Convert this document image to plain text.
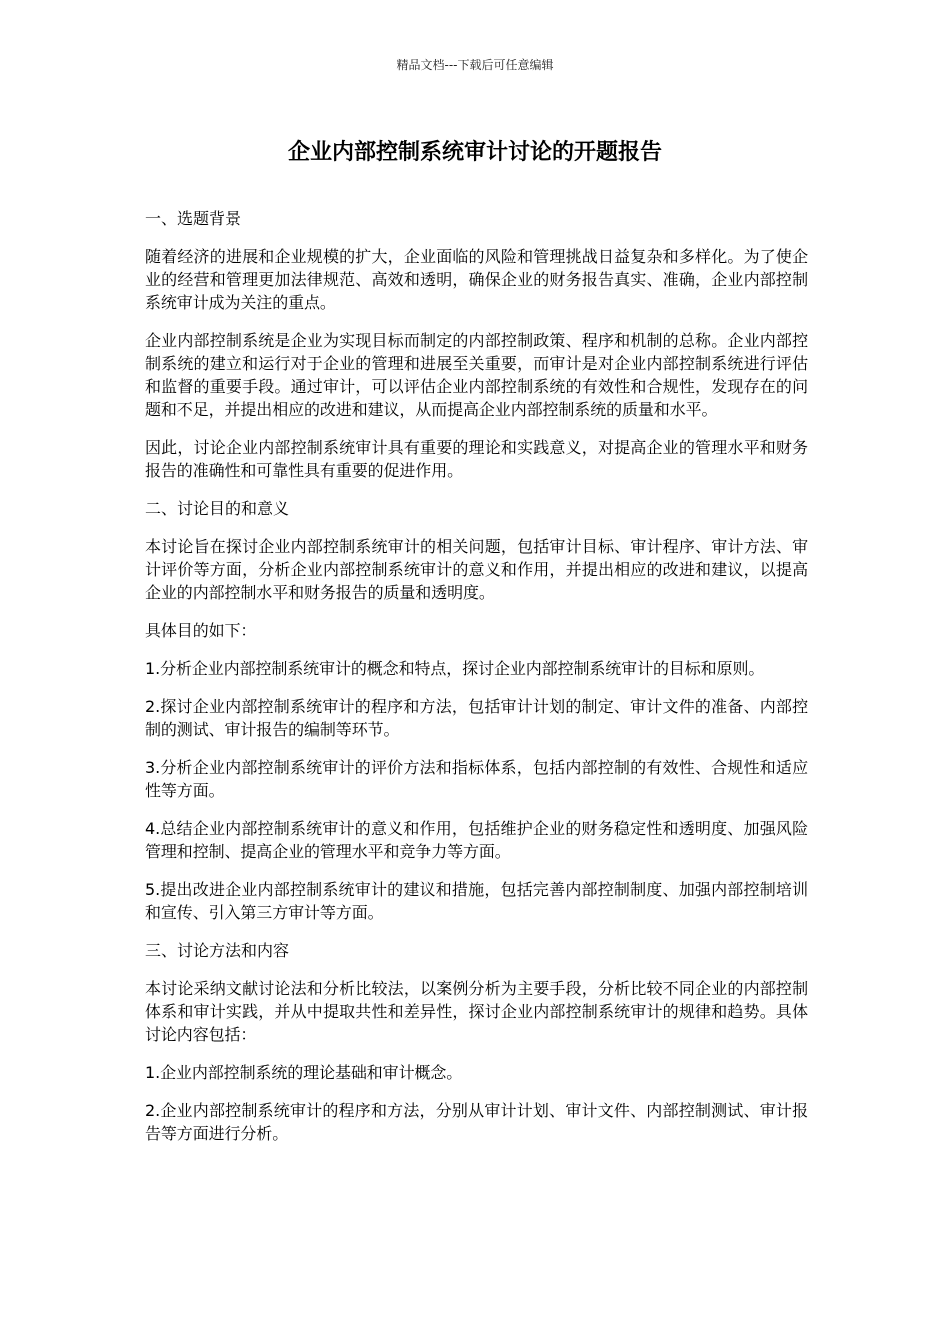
精品文档---下载后可任意编辑
企业内部控制系统审计讨论的开题报告

一、选题背景

随着经济的进展和企业规模的扩大，企业面临的风险和管理挑战日益复杂和多样化。为了使企业的经营和管理更加法律规范、高效和透明，确保企业的财务报告真实、准确，企业内部控制系统审计成为关注的重点。

企业内部控制系统是企业为实现目标而制定的内部控制政策、程序和机制的总称。企业内部控制系统的建立和运行对于企业的管理和进展至关重要，而审计是对企业内部控制系统进行评估和监督的重要手段。通过审计，可以评估企业内部控制系统的有效性和合规性，发现存在的问题和不足，并提出相应的改进和建议，从而提高企业内部控制系统的质量和水平。

因此，讨论企业内部控制系统审计具有重要的理论和实践意义，对提高企业的管理水平和财务报告的准确性和可靠性具有重要的促进作用。

二、讨论目的和意义

本讨论旨在探讨企业内部控制系统审计的相关问题，包括审计目标、审计程序、审计方法、审计评价等方面，分析企业内部控制系统审计的意义和作用，并提出相应的改进和建议，以提高企业的内部控制水平和财务报告的质量和透明度。

具体目的如下：

1.分析企业内部控制系统审计的概念和特点，探讨企业内部控制系统审计的目标和原则。

2.探讨企业内部控制系统审计的程序和方法，包括审计计划的制定、审计文件的准备、内部控制的测试、审计报告的编制等环节。

3.分析企业内部控制系统审计的评价方法和指标体系，包括内部控制的有效性、合规性和适应性等方面。

4.总结企业内部控制系统审计的意义和作用，包括维护企业的财务稳定性和透明度、加强风险管理和控制、提高企业的管理水平和竞争力等方面。

5.提出改进企业内部控制系统审计的建议和措施，包括完善内部控制制度、加强内部控制培训和宣传、引入第三方审计等方面。

三、讨论方法和内容

本讨论采纳文献讨论法和分析比较法，以案例分析为主要手段，分析比较不同企业的内部控制体系和审计实践，并从中提取共性和差异性，探讨企业内部控制系统审计的规律和趋势。具体讨论内容包括：

1.企业内部控制系统的理论基础和审计概念。

2.企业内部控制系统审计的程序和方法，分别从审计计划、审计文件、内部控制测试、审计报告等方面进行分析。
